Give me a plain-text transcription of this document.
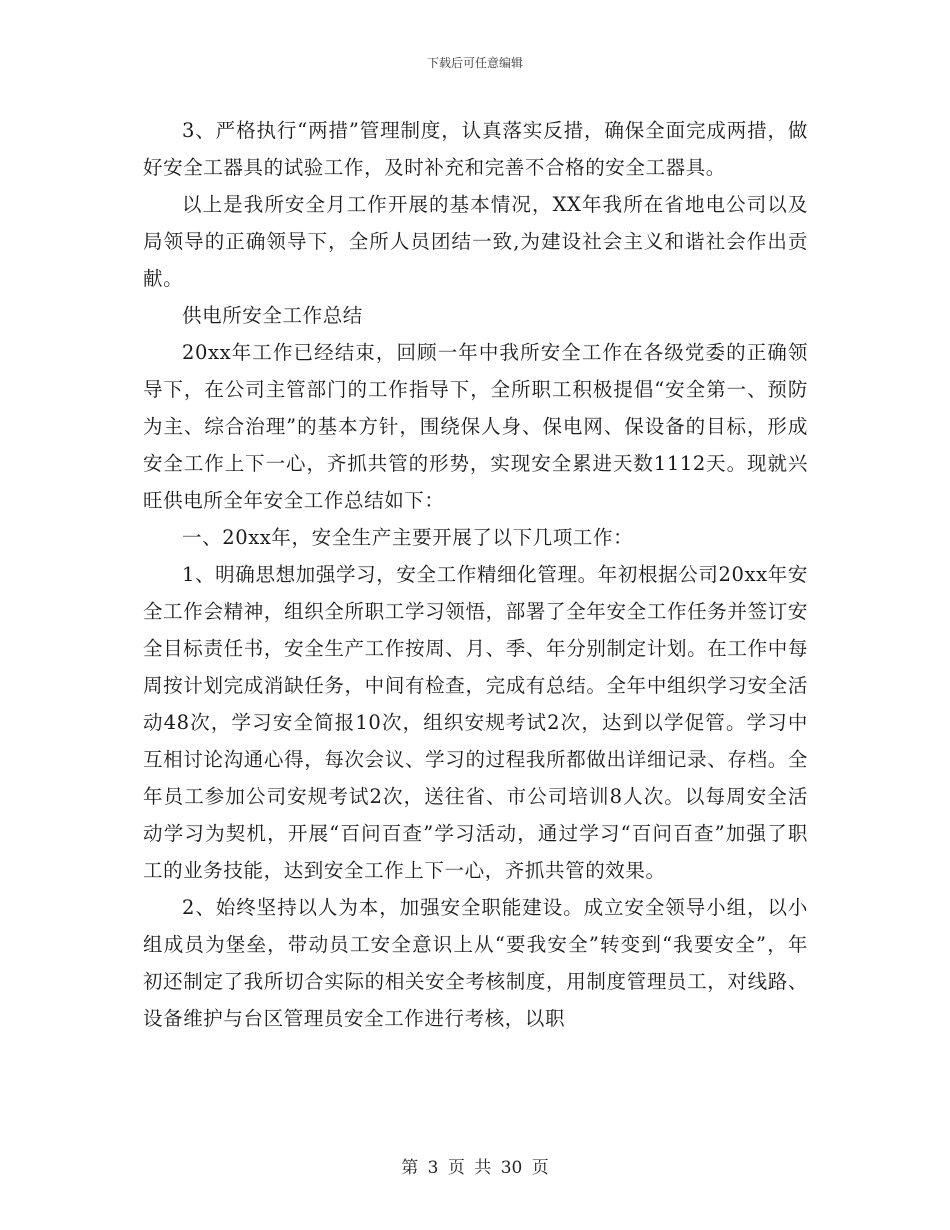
下载后可任意编辑

3、严格执行“两措”管理制度，认真落实反措，确保全面完成两措，做好安全工器具的试验工作，及时补充和完善不合格的安全工器具。

以上是我所安全月工作开展的基本情况，XX年我所在省地电公司以及局领导的正确领导下，全所人员团结一致,为建设社会主义和谐社会作出贡献。

供电所安全工作总结

20xx年工作已经结束，回顾一年中我所安全工作在各级党委的正确领导下，在公司主管部门的工作指导下，全所职工积极提倡“安全第一、预防为主、综合治理”的基本方针，围绕保人身、保电网、保设备的目标，形成安全工作上下一心，齐抓共管的形势，实现安全累进天数1112天。现就兴旺供电所全年安全工作总结如下：

一、20xx年，安全生产主要开展了以下几项工作：

1、明确思想加强学习，安全工作精细化管理。年初根据公司20xx年安全工作会精神，组织全所职工学习领悟，部署了全年安全工作任务并签订安全目标责任书，安全生产工作按周、月、季、年分别制定计划。在工作中每周按计划完成消缺任务，中间有检查，完成有总结。全年中组织学习安全活动48次，学习安全简报10次，组织安规考试2次，达到以学促管。学习中互相讨论沟通心得，每次会议、学习的过程我所都做出详细记录、存档。全年员工参加公司安规考试2次，送往省、市公司培训8人次。以每周安全活动学习为契机，开展“百问百查”学习活动，通过学习“百问百查”加强了职工的业务技能，达到安全工作上下一心，齐抓共管的效果。

2、始终坚持以人为本，加强安全职能建设。成立安全领导小组，以小组成员为堡垒，带动员工安全意识上从“要我安全”转变到“我要安全”，年初还制定了我所切合实际的相关安全考核制度，用制度管理员工，对线路、设备维护与台区管理员安全工作进行考核，以职

第 3 页 共 30 页
